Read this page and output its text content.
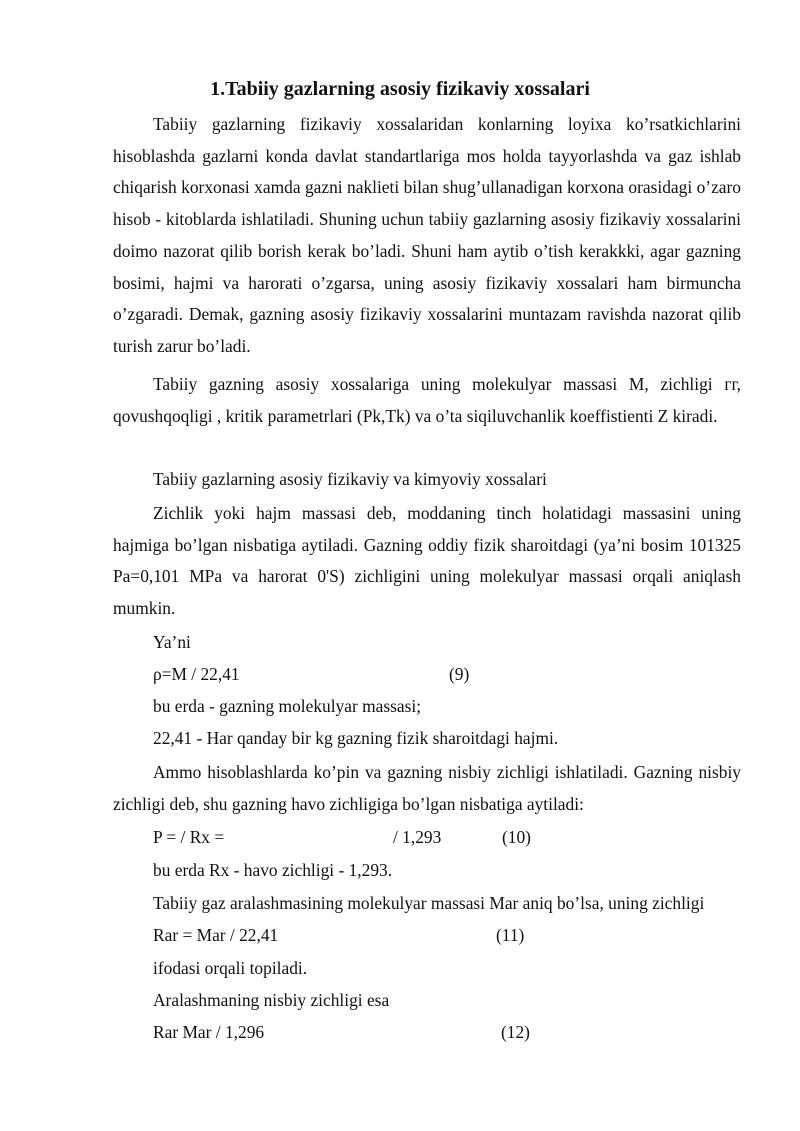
1.Tabiiy gazlarning asosiy fizikaviy xossalari

Tabiiy gazlarning fizikaviy xossalaridan konlarning loyixa ko’rsatkichlarini hisoblashda gazlarni konda davlat standartlariga mos holda tayyorlashda va gaz ishlab chiqarish korxonasi xamda gazni naklieti bilan shug’ullanadigan korxona orasidagi o’zaro hisob - kitoblarda ishlatiladi. Shuning uchun tabiiy gazlarning asosiy fizikaviy xossalarini doimo nazorat qilib borish kerak bo’ladi. Shuni ham aytib o’tish kerakkki, agar gazning bosimi, hajmi va harorati o’zgarsa, uning asosiy fizikaviy xossalari ham birmuncha o’zgaradi. Demak, gazning asosiy fizikaviy xossalarini muntazam ravishda nazorat qilib turish zarur bo’ladi.

Tabiiy gazning asosiy xossalariga uning molekulyar massasi M, zichligi гг, qovushqoqligi , kritik parametrlari (Pk,Tk) va o’ta siqiluvchanlik koeffistienti Z kiradi.

Tabiiy gazlarning asosiy fizikaviy va kimyoviy xossalari

Zichlik yoki hajm massasi deb, moddaning tinch holatidagi massasini uning hajmiga bo’lgan nisbatiga aytiladi. Gazning oddiy fizik sharoitdagi (ya’ni bosim 101325 Pa=0,101 MPa va harorat 0'S) zichligini uning molekulyar massasi orqali aniqlash mumkin.

Ya’ni

ρ=M / 22,41	(9)

bu erda - gazning molekulyar massasi;

22,41 - Har qanday bir kg gazning fizik sharoitdagi hajmi.

Ammo hisoblashlarda ko’pin va gazning nisbiy zichligi ishlatiladi. Gazning nisbiy zichligi deb, shu gazning havo zichligiga bo’lgan nisbatiga aytiladi:

P = / Rx =	/ 1,293	(10)

bu erda Rx - havo zichligi - 1,293.

Tabiiy gaz aralashmasining molekulyar massasi Mar aniq bo’lsa, uning zichligi

Rar = Mar / 22,41	(11)

ifodasi orqali topiladi.

Aralashmaning nisbiy zichligi esa

Rar Mar / 1,296	(12)
